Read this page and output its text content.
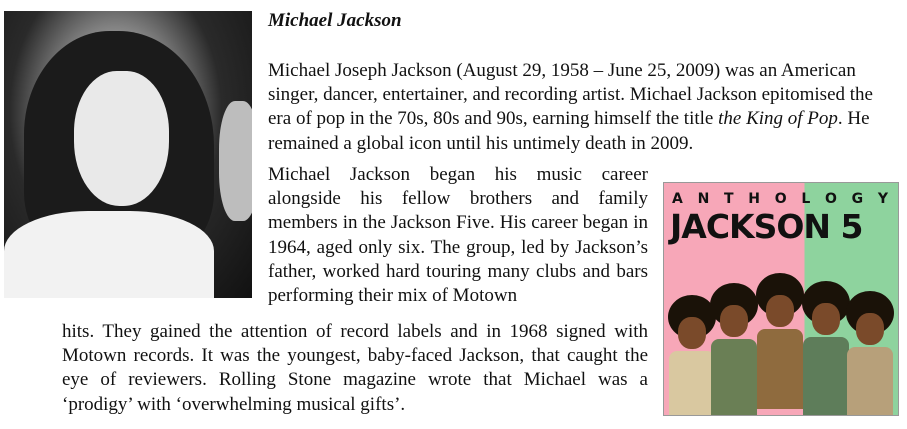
Michael Jackson

Michael Joseph Jackson (August 29, 1958 – June 25, 2009) was an American singer, dancer, entertainer, and recording artist. Michael Jackson epitomised the era of pop in the 70s, 80s and 90s, earning himself the title the King of Pop. He remained a global icon until his untimely death in 2009.

Michael Jackson began his music career alongside his fellow brothers and family members in the Jackson Five. His career began in 1964, aged only six. The group, led by Jackson’s father, worked hard touring many clubs and bars performing their mix of Motown

hits. They gained the attention of record labels and in 1968 signed with Motown records. It was the youngest, baby-faced Jackson, that caught the eye of reviewers. Rolling Stone magazine wrote that Michael was a ‘prodigy’ with ‘overwhelming musical gifts’.

A N T H O L O G Y
JACKSON 5
